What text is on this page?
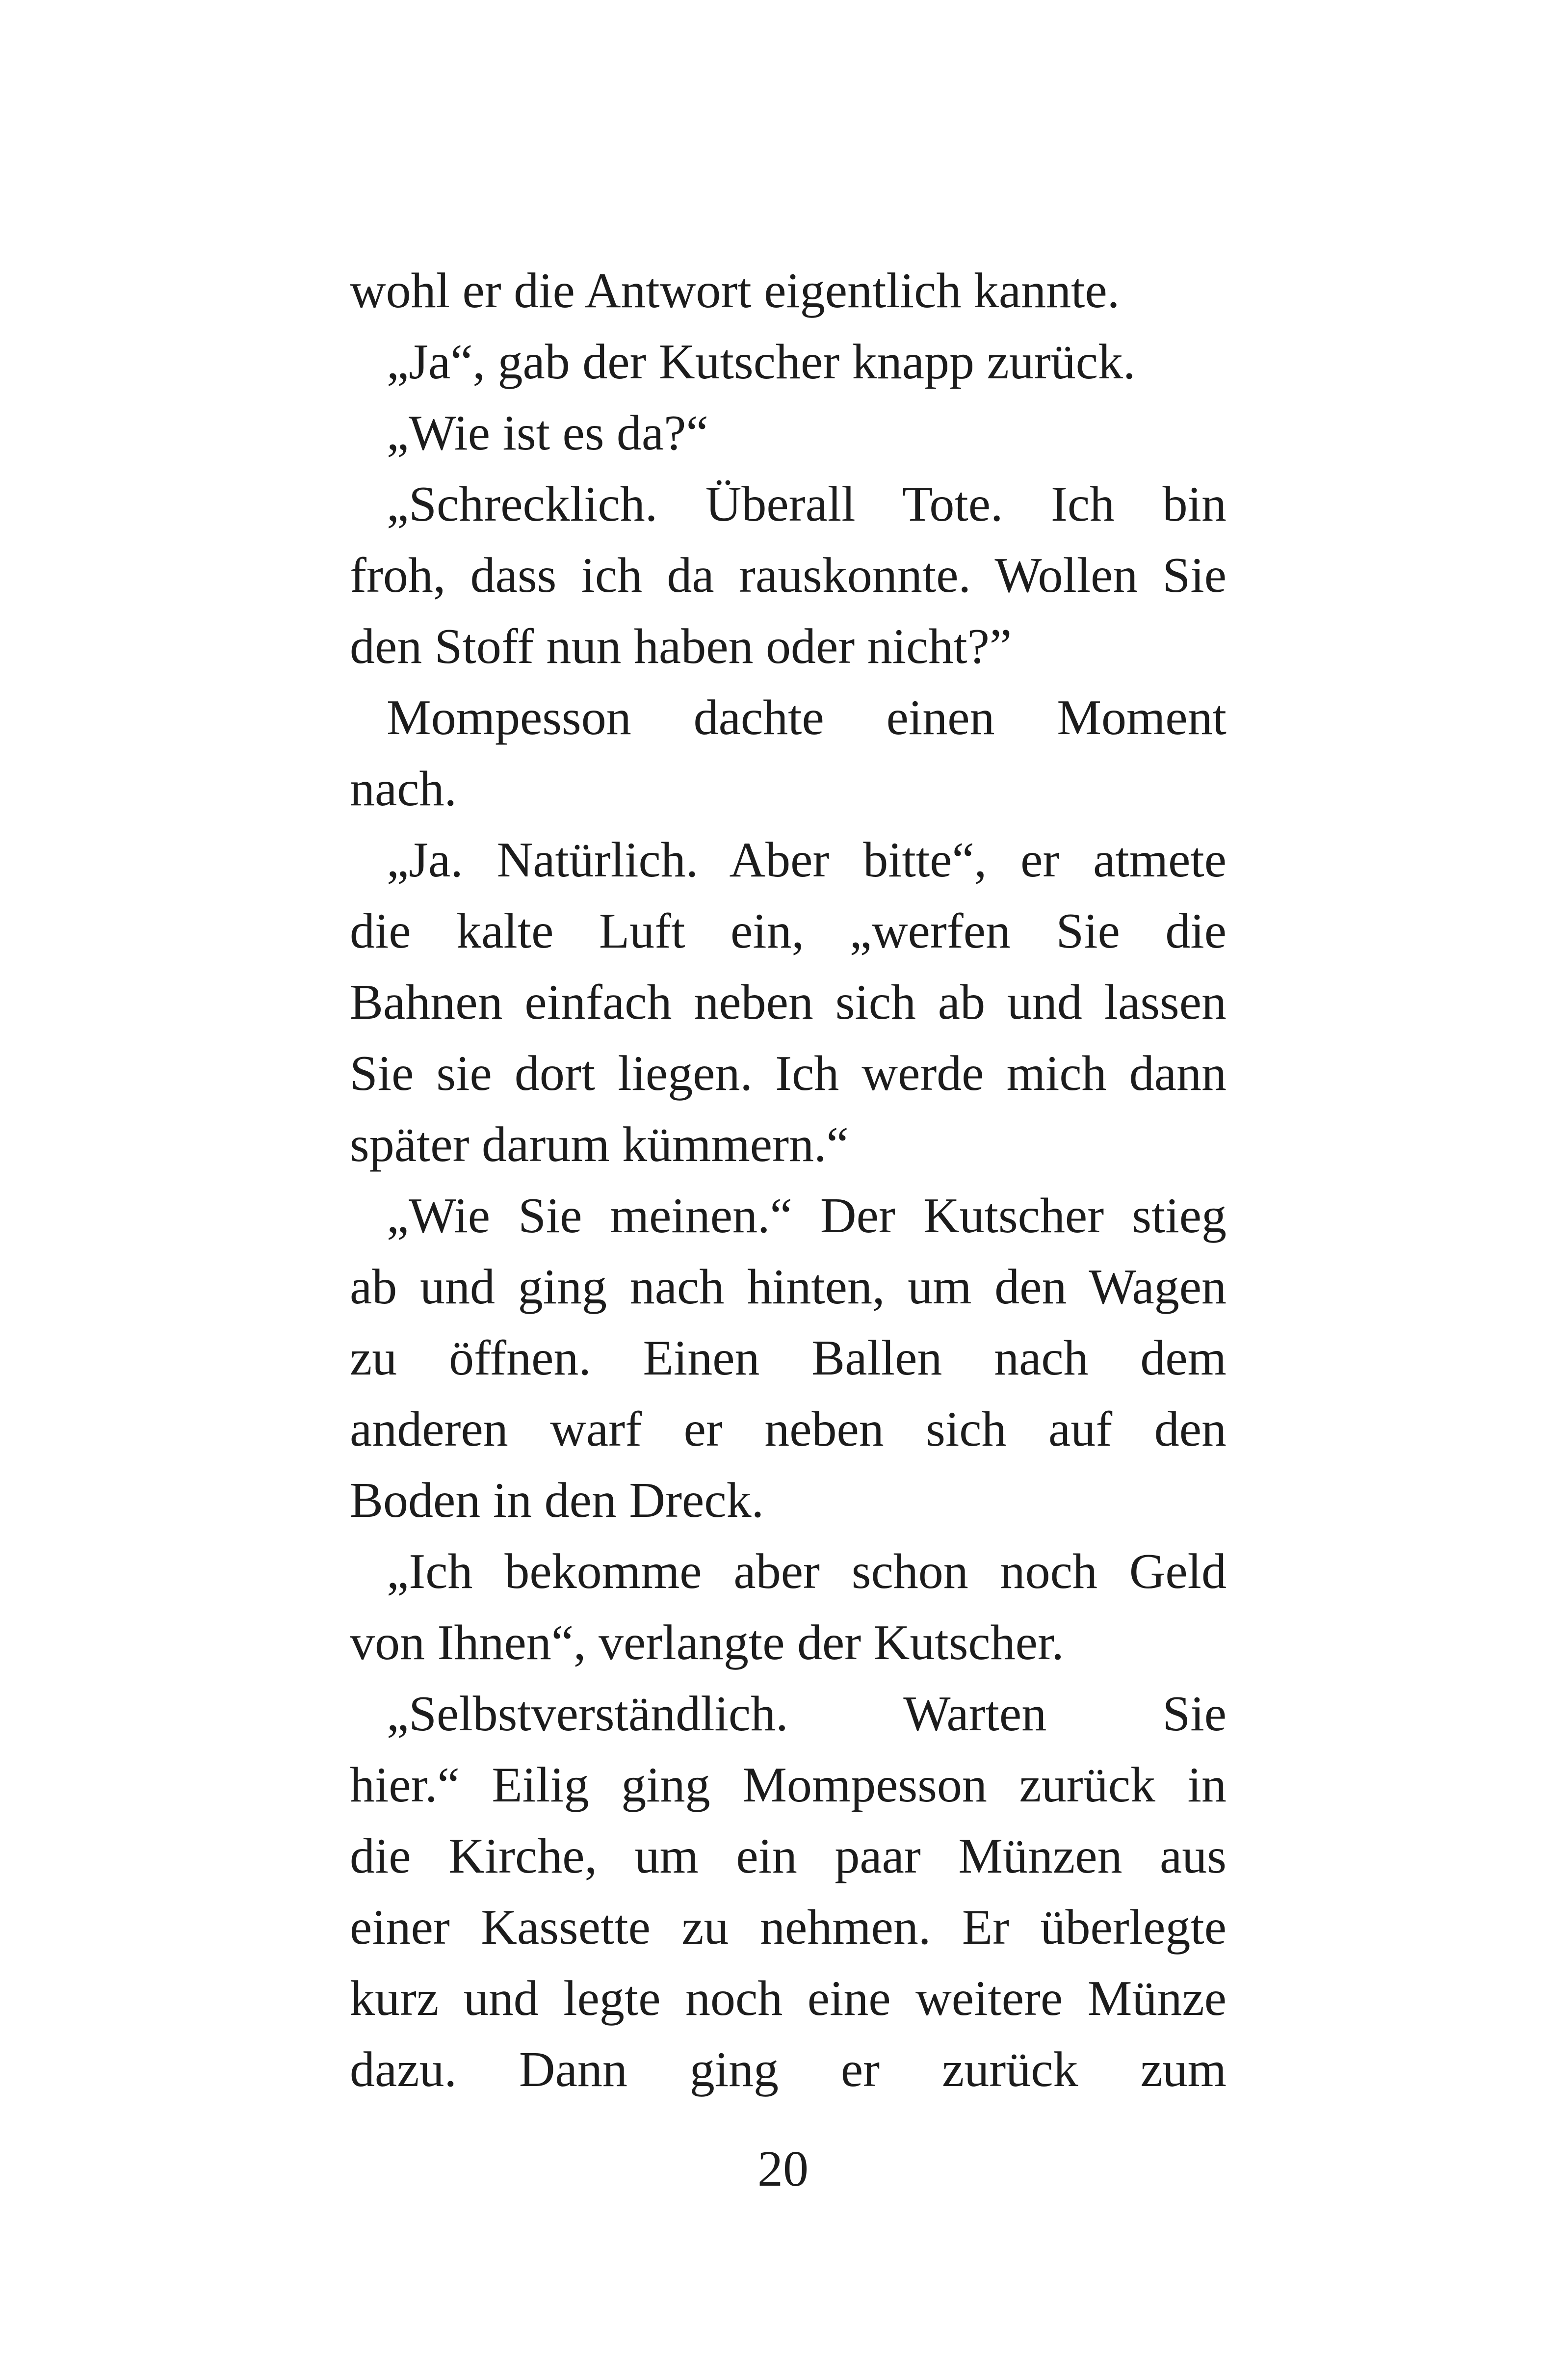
wohl er die Antwort eigentlich kannte.
„Ja“, gab der Kutscher knapp zurück.
„Wie ist es da?“
„Schrecklich. Überall Tote. Ich bin
froh, dass ich da rauskonnte. Wollen Sie
den Stoff nun haben oder nicht?”
Mompesson dachte einen Moment
nach.
„Ja. Natürlich. Aber bitte“, er atmete
die kalte Luft ein, „werfen Sie die
Bahnen einfach neben sich ab und lassen
Sie sie dort liegen. Ich werde mich dann
später darum kümmern.“
„Wie Sie meinen.“ Der Kutscher stieg
ab und ging nach hinten, um den Wagen
zu öffnen. Einen Ballen nach dem
anderen warf er neben sich auf den
Boden in den Dreck.
„Ich bekomme aber schon noch Geld
von Ihnen“, verlangte der Kutscher.
„Selbstverständlich. Warten Sie
hier.“ Eilig ging Mompesson zurück in
die Kirche, um ein paar Münzen aus
einer Kassette zu nehmen. Er überlegte
kurz und legte noch eine weitere Münze
dazu. Dann ging er zurück zum
20
